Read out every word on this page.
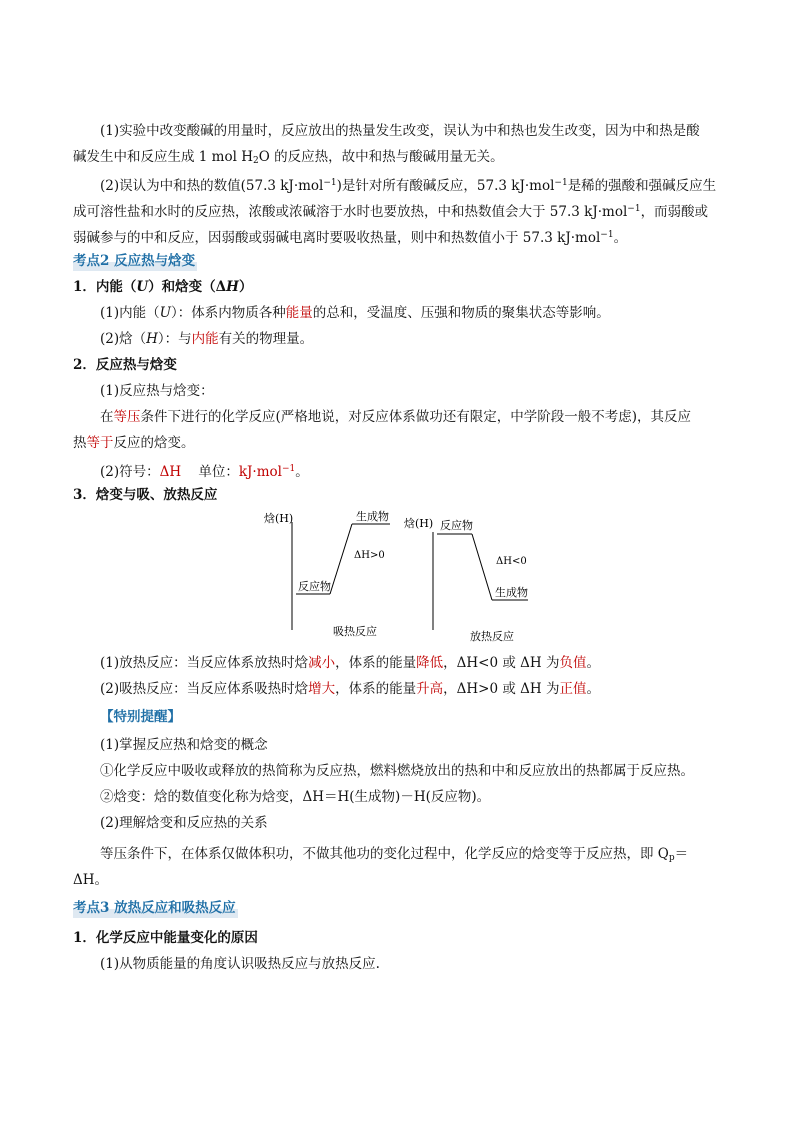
(1)实验中改变酸碱的用量时，反应放出的热量发生改变，误认为中和热也发生改变，因为中和热是酸
碱发生中和反应生成 1 mol $H_2O$ 的反应热，故中和热与酸碱用量无关。
(2)误认为中和热的数值(57.3 kJ·mol$^{-1}$)是针对所有酸碱反应，57.3 kJ·mol$^{-1}$是稀的强酸和强碱反应生
成可溶性盐和水时的反应热，浓酸或浓碱溶于水时也要放热，中和热数值会大于 57.3 kJ·mol$^{-1}$，而弱酸或
弱碱参与的中和反应，因弱酸或弱碱电离时要吸收热量，则中和热数值小于 57.3 kJ·mol$^{-1}$。
考点2 反应热与焓变
1．内能（U）和焓变（ΔH）
(1)内能（U）：体系内物质各种能量的总和，受温度、压强和物质的聚集状态等影响。
(2)焓（H）：与内能有关的物理量。
2．反应热与焓变
(1)反应热与焓变：
在等压条件下进行的化学反应(严格地说，对反应体系做功还有限定，中学阶段一般不考虑)，其反应
热等于反应的焓变。
(2)符号：ΔH    单位：kJ·mol$^{-1}$。
3．焓变与吸、放热反应
焓(H)	生成物
ΔH>0
反应物
吸热反应
焓(H) 反应物
ΔH<0
生成物
放热反应
(1)放热反应：当反应体系放热时焓减小，体系的能量降低，ΔH<0 或 ΔH 为负值。
(2)吸热反应：当反应体系吸热时焓增大，体系的能量升高，ΔH>0 或 ΔH 为正值。
【特别提醒】
(1)掌握反应热和焓变的概念
①化学反应中吸收或释放的热简称为反应热，燃料燃烧放出的热和中和反应放出的热都属于反应热。
②焓变：焓的数值变化称为焓变，ΔH＝H(生成物)－H(反应物)。
(2)理解焓变和反应热的关系
等压条件下，在体系仅做体积功，不做其他功的变化过程中，化学反应的焓变等于反应热，即 $Q_p=$
ΔH。
考点3 放热反应和吸热反应
1．化学反应中能量变化的原因
(1)从物质能量的角度认识吸热反应与放热反应.
